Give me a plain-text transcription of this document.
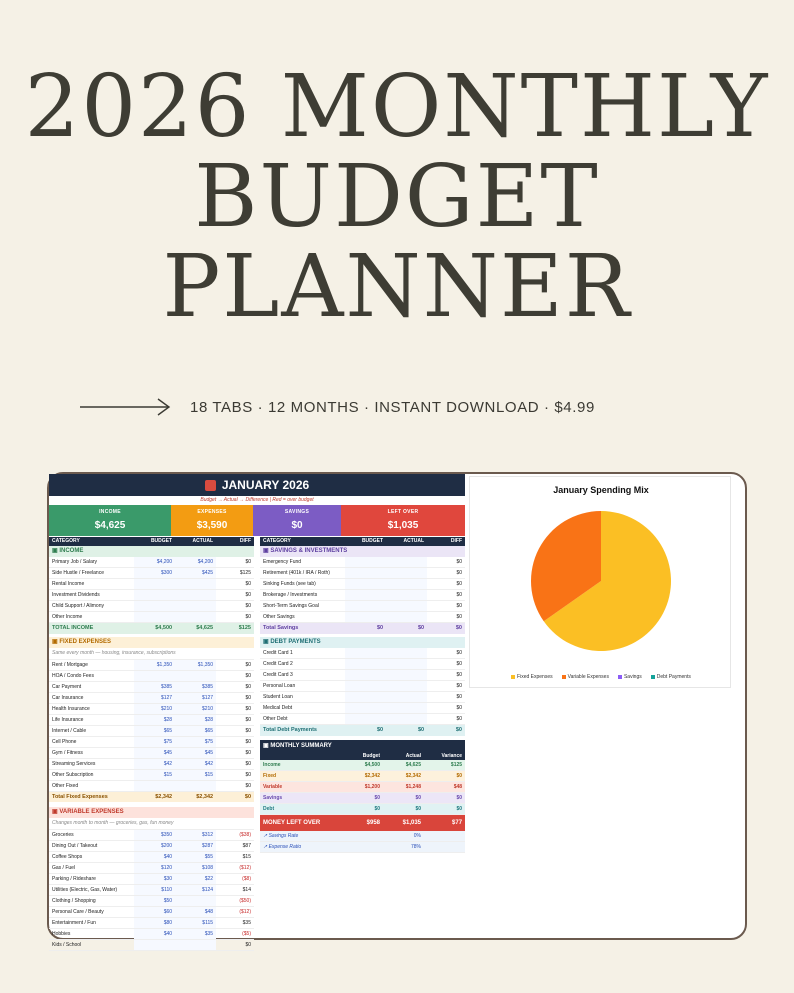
2026 MONTHLY
BUDGET
PLANNER
18 TABS · 12 MONTHS · INSTANT DOWNLOAD · $4.99
JANUARY 2026
Budget → Actual → Difference | Red = over budget
INCOME
$4,625
EXPENSES
$3,590
SAVINGS
$0
LEFT OVER
$1,035
CATEGORY	BUDGET	ACTUAL	DIFF
▣ INCOME			
Primary Job / Salary	$4,200	$4,200	$0
Side Hustle / Freelance	$300	$425	$125
Rental Income			$0
Investment Dividends			$0
Child Support / Alimony			$0
Other Income			$0
TOTAL INCOME	$4,500	$4,625	$125
CATEGORY	BUDGET	ACTUAL	DIFF
▣ SAVINGS & INVESTMENTS			
Emergency Fund			$0
Retirement (401k / IRA / Roth)			$0
Sinking Funds (see tab)			$0
Brokerage / Investments			$0
Short-Term Savings Goal			$0
Other Savings			$0
Total Savings	$0	$0	$0
▣ FIXED EXPENSES			
Same every month — housing, insurance, subscriptions			
Rent / Mortgage	$1,350	$1,350	$0
HOA / Condo Fees			$0
Car Payment	$385	$385	$0
Car Insurance	$127	$127	$0
Health Insurance	$210	$210	$0
Life Insurance	$28	$28	$0
Internet / Cable	$65	$65	$0
Cell Phone	$75	$75	$0
Gym / Fitness	$45	$45	$0
Streaming Services	$42	$42	$0
Other Subscription	$15	$15	$0
Other Fixed			$0
Total Fixed Expenses	$2,342	$2,342	$0
▣ DEBT PAYMENTS			
Credit Card 1			$0
Credit Card 2			$0
Credit Card 3			$0
Personal Loan			$0
Student Loan			$0
Medical Debt			$0
Other Debt			$0
Total Debt Payments	$0	$0	$0
▣ VARIABLE EXPENSES			
Changes month to month — groceries, gas, fun money			
Groceries	$350	$312	($38)
Dining Out / Takeout	$200	$287	$87
Coffee Shops	$40	$55	$15
Gas / Fuel	$120	$108	($12)
Parking / Rideshare	$30	$22	($8)
Utilities (Electric, Gas, Water)	$110	$124	$14
Clothing / Shopping	$50		($50)
Personal Care / Beauty	$60	$48	($12)
Entertainment / Fun	$80	$115	$35
Hobbies	$40	$35	($5)
Kids / School			$0
▣ MONTHLY SUMMARY			
	Budget	Actual	Variance
Income	$4,500	$4,625	$125
Fixed	$2,342	$2,342	$0
Variable	$1,200	$1,248	$48
Savings	$0	$0	$0
Debt	$0	$0	$0
MONEY LEFT OVER	$958	$1,035	$77
↗ Savings Rate		0%	
↗ Expense Ratio		78%	
January Spending Mix
Fixed Expenses	Variable Expenses	Savings	Debt Payments
